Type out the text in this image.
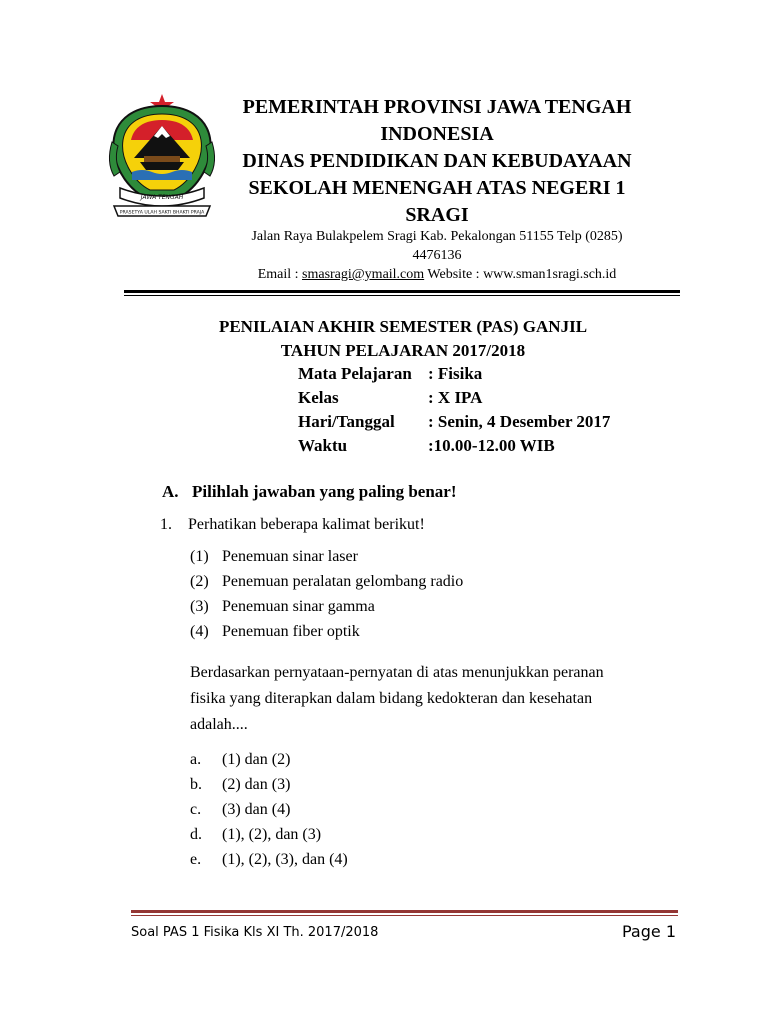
JAWA TENGAH
PRASETYA ULAH SAKTI BHAKTI PRAJA
PEMERINTAH PROVINSI JAWA TENGAH
INDONESIA
DINAS PENDIDIKAN DAN KEBUDAYAAN
SEKOLAH MENENGAH ATAS NEGERI 1
SRAGI
Jalan Raya Bulakpelem Sragi Kab. Pekalongan 51155 Telp (0285)
4476136
Email : smasragi@ymail.com Website : www.sman1sragi.sch.id
PENILAIAN AKHIR SEMESTER (PAS) GANJIL
TAHUN PELAJARAN 2017/2018
Mata Pelajaran : Fisika
Kelas	: X IPA
Hari/Tanggal : Senin, 4 Desember 2017
Waktu	:10.00-12.00 WIB
A. Pilihlah jawaban yang paling benar!
1. Perhatikan beberapa kalimat berikut!
(1) Penemuan sinar laser
(2) Penemuan peralatan gelombang radio
(3) Penemuan sinar gamma
(4) Penemuan fiber optik
Berdasarkan pernyataan-pernyatan di atas menunjukkan peranan
fisika yang diterapkan dalam bidang kedokteran dan kesehatan
adalah....
a. (1) dan (2)
b. (2) dan (3)
c. (3) dan (4)
d. (1), (2), dan (3)
e. (1), (2), (3), dan (4)
Soal PAS 1 Fisika Kls XI Th. 2017/2018	Page 1
